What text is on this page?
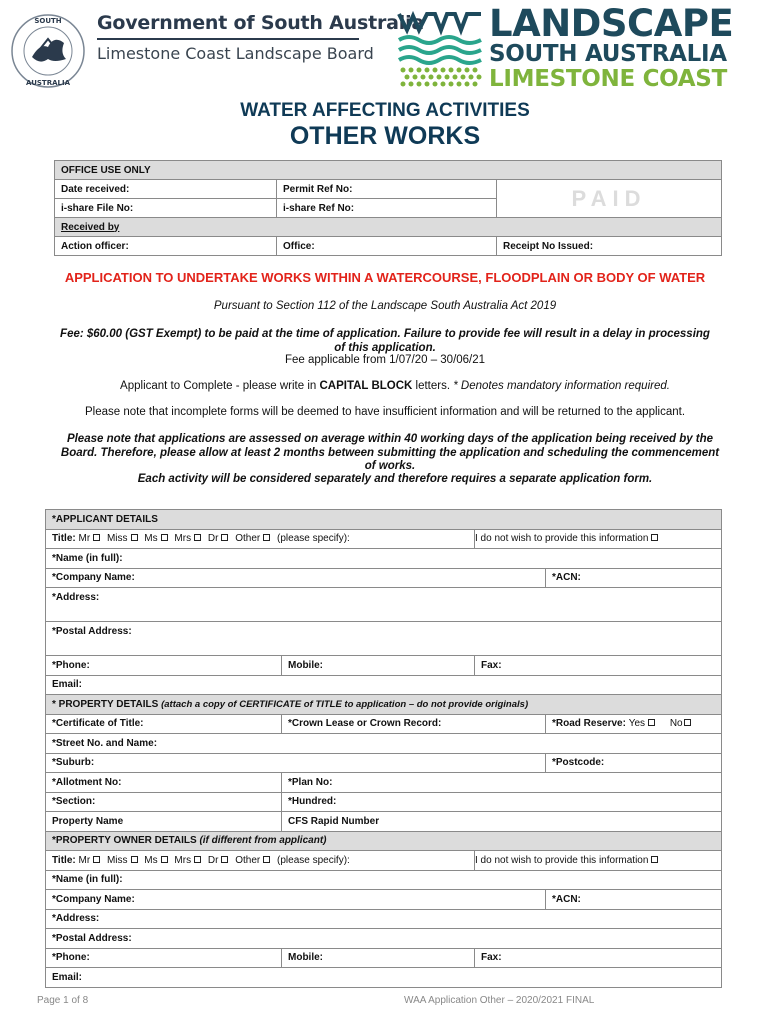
SOUTH
AUSTRALIA
Government of South Australia
Limestone Coast Landscape Board
LANDSCAPE
SOUTH AUSTRALIA
LIMESTONE COAST
WATER AFFECTING ACTIVITIES
OTHER WORKS
OFFICE USE ONLY		
Date received:	Permit Ref No:	PAID
i-share File No:	i-share Ref No:	
Received by		
Action officer:	Office:	Receipt No Issued:
APPLICATION TO UNDERTAKE WORKS WITHIN A WATERCOURSE, FLOODPLAIN OR BODY OF WATER
Pursuant to Section 112 of the Landscape South Australia Act 2019
Fee: $60.00 (GST Exempt) to be paid at the time of application. Failure to provide fee will result in a delay in processing of this application.
Fee applicable from 1/07/20 – 30/06/21
Applicant to Complete - please write in CAPITAL BLOCK letters. * Denotes mandatory information required.
Please note that incomplete forms will be deemed to have insufficient information and will be returned to the applicant.
Please note that applications are assessed on average within 40 working days of the application being received by the Board. Therefore, please allow at least 2 months between submitting the application and scheduling the commencement of works.
Each activity will be considered separately and therefore requires a separate application form.
*APPLICANT DETAILS			
Title: Mr Miss Ms Mrs Dr Other (please specify):		I do not wish to provide this information	
*Name (in full):			
*Company Name:			*ACN:
*Address:			
*Postal Address:			
*Phone:	Mobile:	Fax:	
Email:			
* PROPERTY DETAILS (attach a copy of CERTIFICATE of TITLE to application – do not provide originals)			
*Certificate of Title:	*Crown Lease or Crown Record:		*Road Reserve: Yes No
*Street No. and Name:			
*Suburb:			*Postcode:
*Allotment No:	*Plan No:		
*Section:	*Hundred:		
Property Name	CFS Rapid Number		
*PROPERTY OWNER DETAILS (if different from applicant)			
Title: Mr Miss Ms Mrs Dr Other (please specify):		I do not wish to provide this information	
*Name (in full):			
*Company Name:			*ACN:
*Address:			
*Postal Address:			
*Phone:	Mobile:	Fax:	
Email:			
Page 1 of 8	WAA Application Other – 2020/2021 FINAL
